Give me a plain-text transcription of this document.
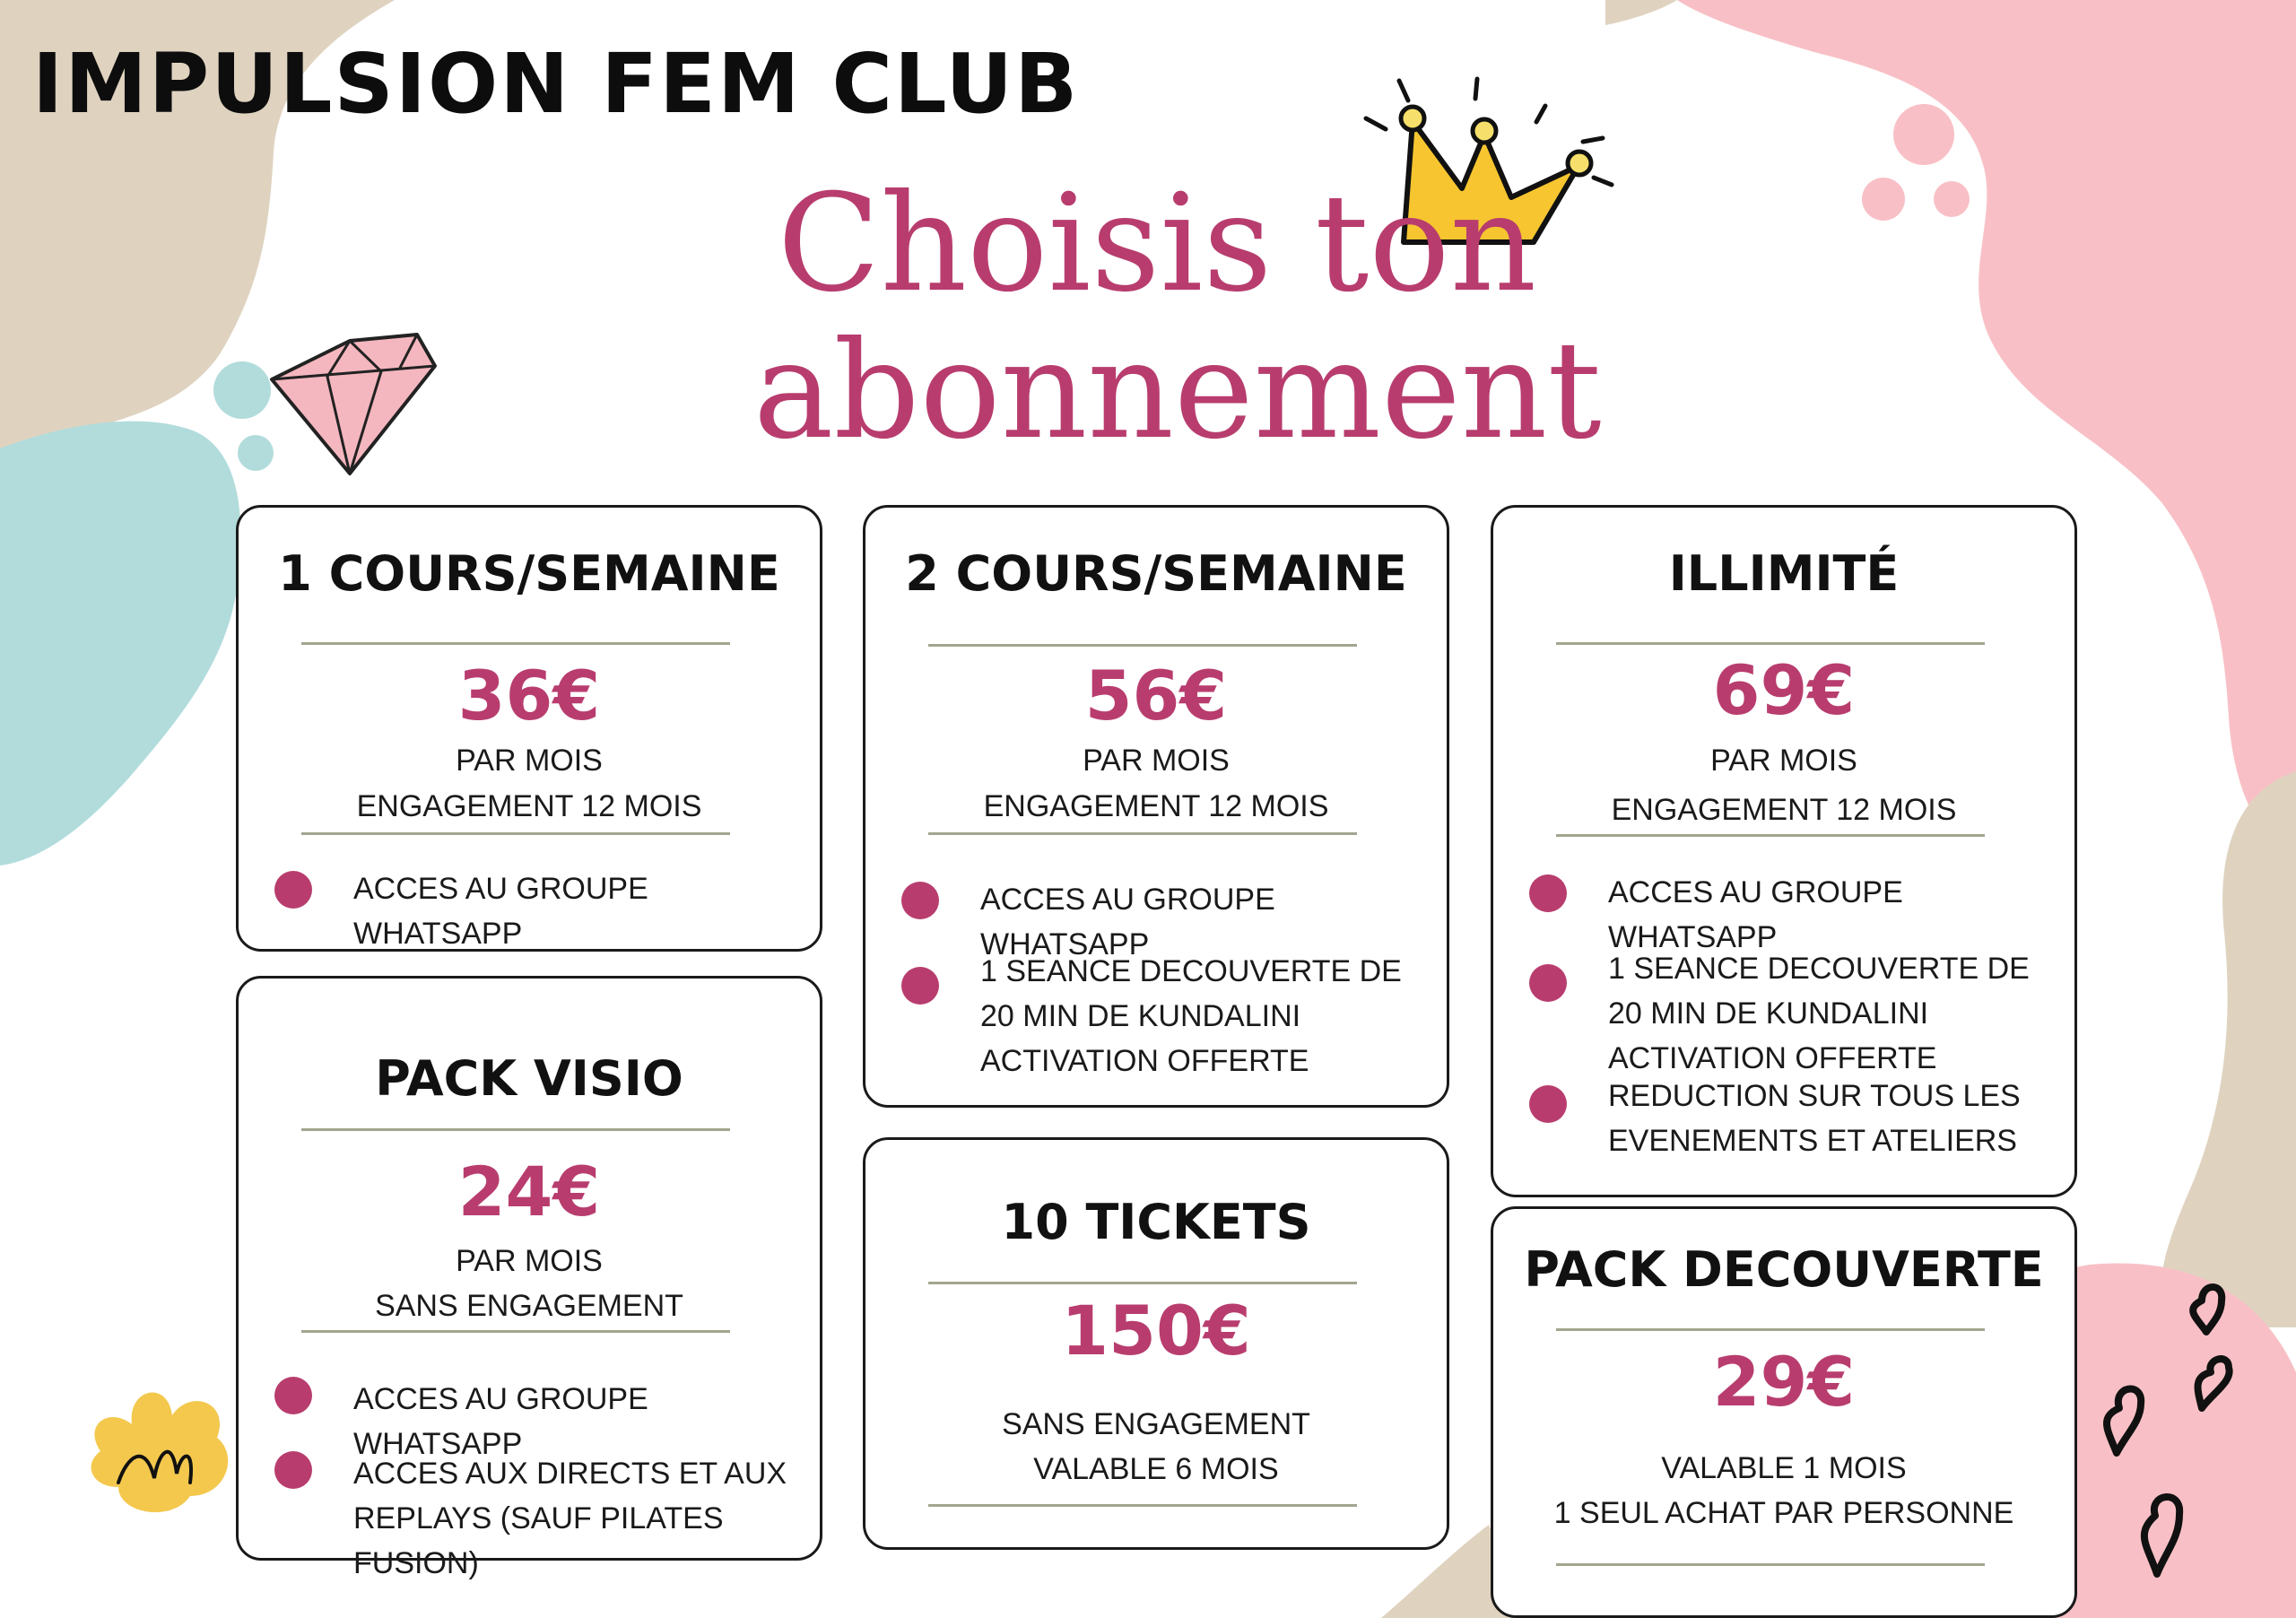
IMPULSION FEM CLUB
Choisis ton
abonnement
1 COURS/SEMAINE
36€
PAR MOIS
ENGAGEMENT 12 MOIS
ACCES AU GROUPE WHATSAPP
2 COURS/SEMAINE
56€
PAR MOIS
ENGAGEMENT 12 MOIS
ACCES AU GROUPE WHATSAPP
1 SEANCE DECOUVERTE DE 20 MIN DE KUNDALINI ACTIVATION OFFERTE
ILLIMITÉ
69€
PAR MOIS
ENGAGEMENT 12 MOIS
ACCES AU GROUPE WHATSAPP
1 SEANCE DECOUVERTE DE 20 MIN DE KUNDALINI ACTIVATION OFFERTE
REDUCTION SUR TOUS LES EVENEMENTS ET ATELIERS
PACK VISIO
24€
PAR MOIS
SANS ENGAGEMENT
ACCES AU GROUPE WHATSAPP
ACCES AUX DIRECTS ET AUX REPLAYS (SAUF PILATES FUSION)
10 TICKETS
150€
SANS ENGAGEMENT
VALABLE 6 MOIS
PACK DECOUVERTE
29€
VALABLE 1 MOIS
1 SEUL ACHAT PAR PERSONNE
